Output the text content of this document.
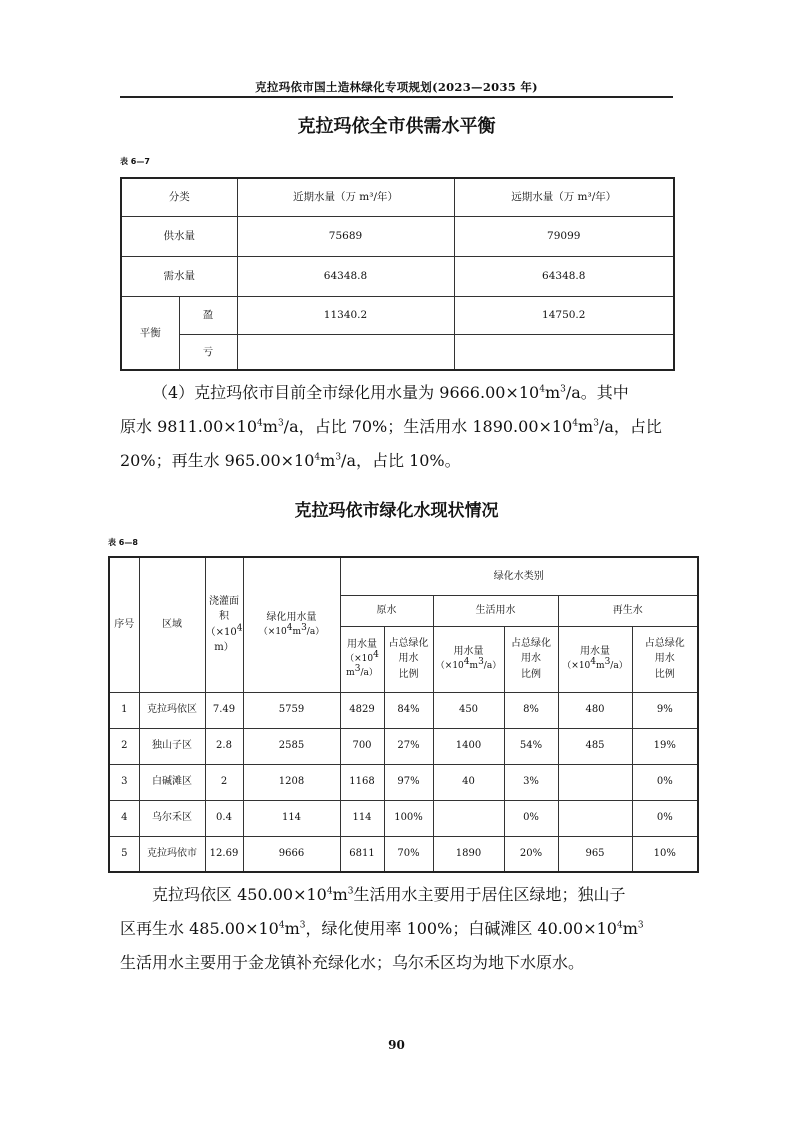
克拉玛依市国土造林绿化专项规划(2023—2035 年)
克拉玛依全市供需水平衡
表 6—7
分类		近期水量（万 m³/年）	远期水量（万 m³/年）
供水量		75689	79099
需水量		64348.8	64348.8
平衡	盈	11340.2	14750.2
	亏		
（4）克拉玛依市目前全市绿化用水量为 $9666.00\times 10^4m^3/a$。其中
原水 $9811.00\times 10^4m^3/a$，占比 70%；生活用水 $1890.00\times 10^4m^3/a$，占比
20%；再生水 $965.00\times 10^4m^3/a$，占比 10%。
克拉玛依市绿化水现状情况
表 6—8
序号	区域	浇灌面
积
（$\times 10^4$
m）	绿化用水量
$(\times 10^4m^3/a)$	绿化水类别					
				原水		生活用水		再生水	

				用水量
（$\times 10^4$
$m^3/a$）	占总绿化
用水
比例	用水量
$(\times 10^4m^3/a)$	占总绿化
用水
比例	用水量
$(\times 10^4m^3/a)$	占总绿化
用水
比例

1	克拉玛依区	7.49	5759	4829	84%	450	8%	480	9%
2	独山子区	2.8	2585	700	27%	1400	54%	485	19%
3	白碱滩区	2	1208	1168	97%	40	3%		0%
4	乌尔禾区	0.4	114	114	100%		0%		0%
5	克拉玛依市	12.69	9666	6811	70%	1890	20%	965	10%
克拉玛依区 $450.00\times 10^4m^3$生活用水主要用于居住区绿地；独山子
区再生水 $485.00\times 10^4m^3$，绿化使用率 100%；白碱滩区 $40.00\times 10^4m^3$
生活用水主要用于金龙镇补充绿化水；乌尔禾区均为地下水原水。
90
